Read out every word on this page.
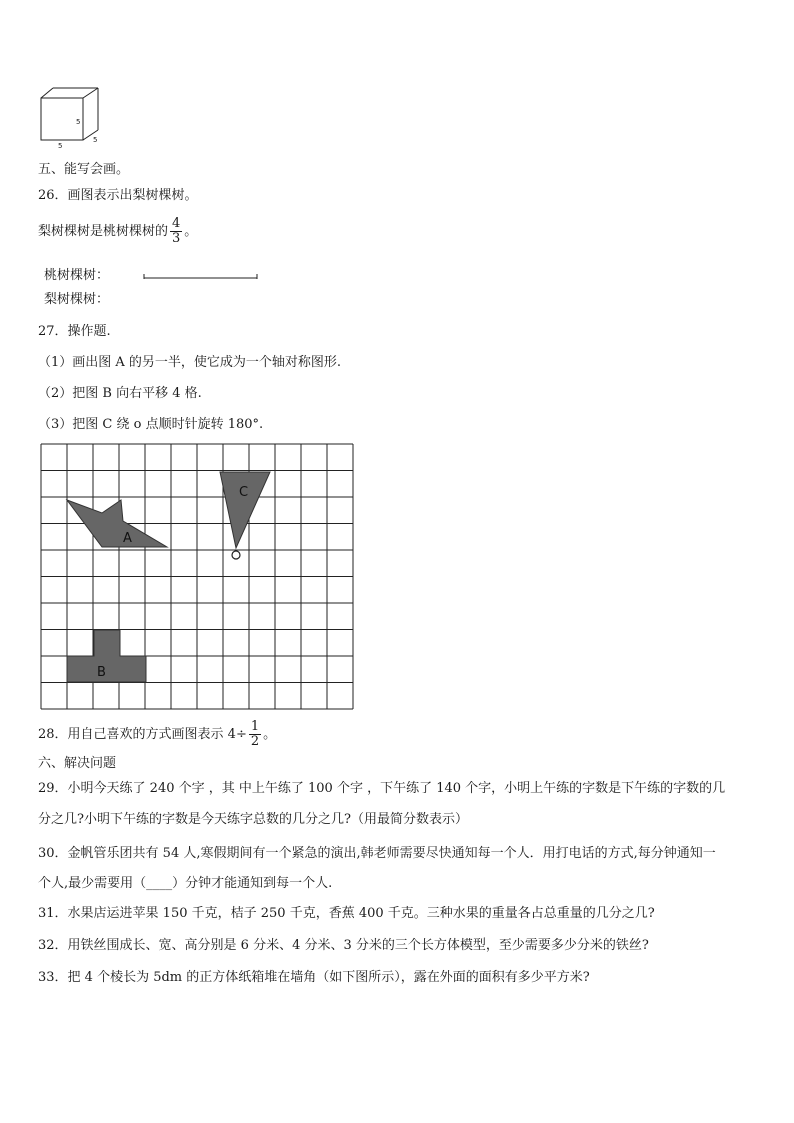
5
5
5
五、能写会画。
26．画图表示出梨树棵树。
梨树棵树是桃树棵树的 $\frac{4}{3}$ 。
桃树棵树：
梨树棵树：
27．操作题.
（1）画出图 A 的另一半，使它成为一个轴对称图形.
（2）把图 B 向右平移 4 格.
（3）把图 C 绕 o 点顺时针旋转 180°.
A
C
B
28．用自己喜欢的方式画图表示 $4\div \frac{1}{2}$ 。
六、解决问题
29．小明今天练了 240 个字 ，其 中上午练了 100 个字 ，下午练了 140 个字，小明上午练的字数是下午练的字数的几
分之几?小明下午练的字数是今天练字总数的几分之几?（用最简分数表示）
30．金帆管乐团共有 54 人,寒假期间有一个紧急的演出,韩老师需要尽快通知每一个人．用打电话的方式,每分钟通知一
个人,最少需要用（____）分钟才能通知到每一个人.
31．水果店运进苹果 150 千克，桔子 250 千克，香蕉 400 千克。三种水果的重量各占总重量的几分之几?
32．用铁丝围成长、宽、高分别是 6 分米、4 分米、3 分米的三个长方体模型，至少需要多少分米的铁丝?
33．把 4 个棱长为 5dm 的正方体纸箱堆在墙角（如下图所示），露在外面的面积有多少平方米?
